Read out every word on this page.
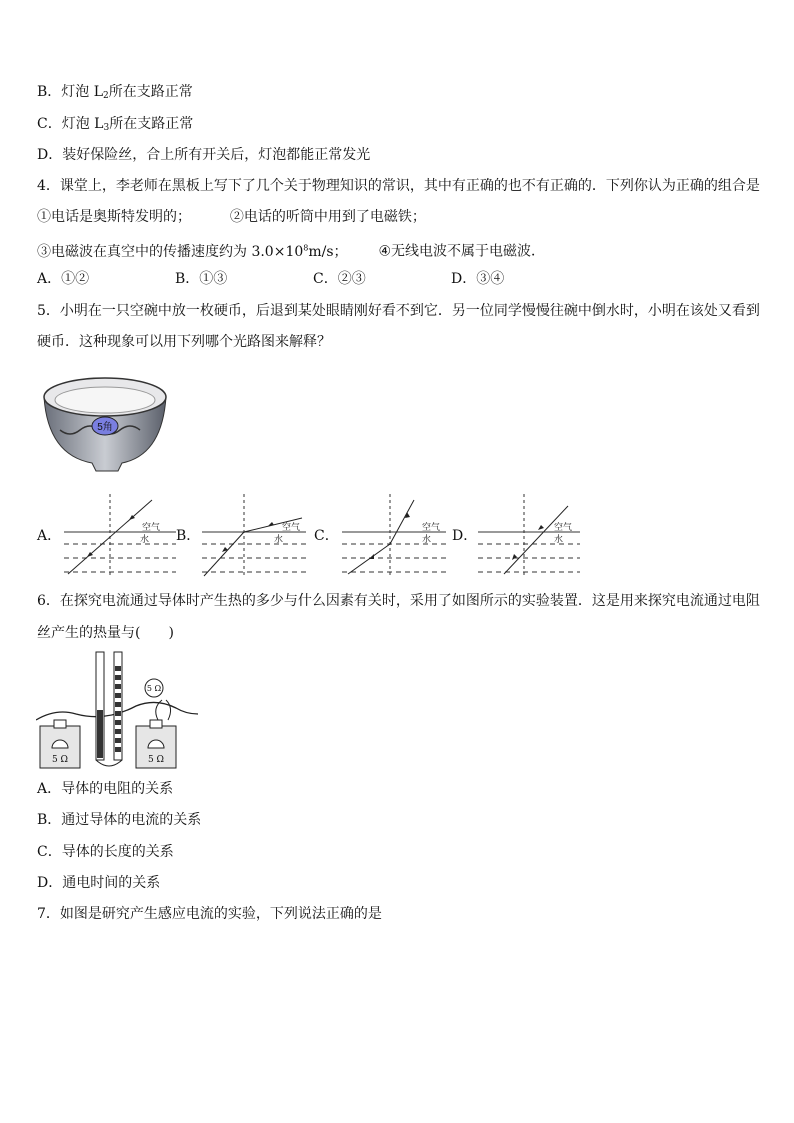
B．灯泡 $L_2$所在支路正常
C．灯泡 $L_3$所在支路正常
D．装好保险丝，合上所有开关后，灯泡都能正常发光
4．课堂上，李老师在黑板上写下了几个关于物理知识的常识，其中有正确的也不有正确的．下列你认为正确的组合是
①电话是奥斯特发明的；	②电话的听筒中用到了电磁铁；
③电磁波在真空中的传播速度约为 $3.0\times 10^8m/s$； ④无线电波不属于电磁波．
A．①②	B．①③	C．②③	D．③④
5．小明在一只空碗中放一枚硬币，后退到某处眼睛刚好看不到它．另一位同学慢慢往碗中倒水时，小明在该处又看到
硬币．这种现象可以用下列哪个光路图来解释？
5角
A．	空气
水 B．	空气
水 C．	空气
水 D．	空气
水
6．在探究电流通过导体时产生热的多少与什么因素有关时，采用了如图所示的实验装置．这是用来探究电流通过电阻
丝产生的热量与(　　)
5 Ω	5 Ω
5 Ω
A．导体的电阻的关系
B．通过导体的电流的关系
C．导体的长度的关系
D．通电时间的关系
7．如图是研究产生感应电流的实验，下列说法正确的是
